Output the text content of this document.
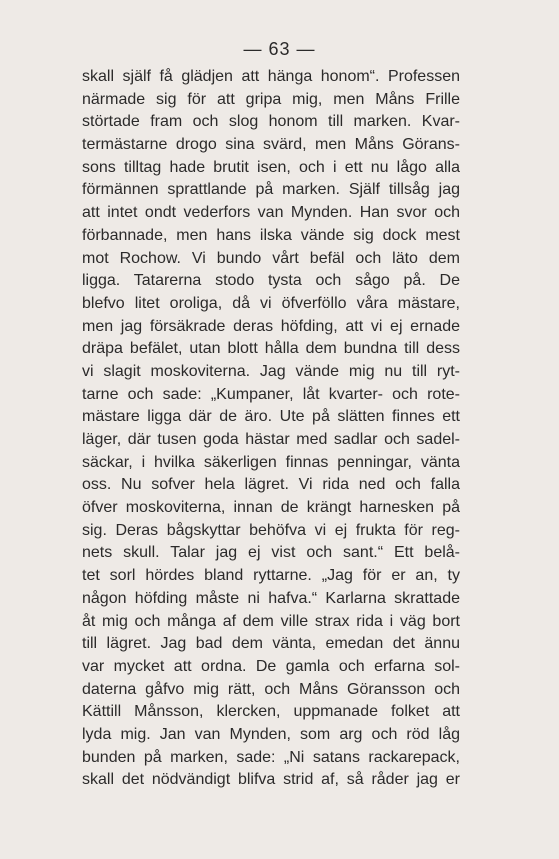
— 63 —
skall själf få glädjen att hänga honom“. Professen
närmade sig för att gripa mig, men Måns Frille
störtade fram och slog honom till marken. Kvar-
termästarne drogo sina svärd, men Måns Görans-
sons tilltag hade brutit isen, och i ett nu lågo alla
förmännen sprattlande på marken. Själf tillsåg jag
att intet ondt vederfors van Mynden. Han svor och
förbannade, men hans ilska vände sig dock mest
mot Rochow. Vi bundo vårt befäl och läto dem
ligga. Tatarerna stodo tysta och sågo på. De
blefvo litet oroliga, då vi öfverföllo våra mästare,
men jag försäkrade deras höfding, att vi ej ernade
dräpa befälet, utan blott hålla dem bundna till dess
vi slagit moskoviterna. Jag vände mig nu till ryt-
tarne och sade: „Kumpaner, låt kvarter- och rote-
mästare ligga där de äro. Ute på slätten finnes ett
läger, där tusen goda hästar med sadlar och sadel-
säckar, i hvilka säkerligen finnas penningar, vänta
oss. Nu sofver hela lägret. Vi rida ned och falla
öfver moskoviterna, innan de krängt harnesken på
sig. Deras bågskyttar behöfva vi ej frukta för reg-
nets skull. Talar jag ej vist och sant.“ Ett belå-
tet sorl hördes bland ryttarne. „Jag för er an, ty
någon höfding måste ni hafva.“ Karlarna skrattade
åt mig och många af dem ville strax rida i väg bort
till lägret. Jag bad dem vänta, emedan det ännu
var mycket att ordna. De gamla och erfarna sol-
daterna gåfvo mig rätt, och Måns Göransson och
Kättill Månsson, klercken, uppmanade folket att
lyda mig. Jan van Mynden, som arg och röd låg
bunden på marken, sade: „Ni satans rackarepack,
skall det nödvändigt blifva strid af, så råder jag er
